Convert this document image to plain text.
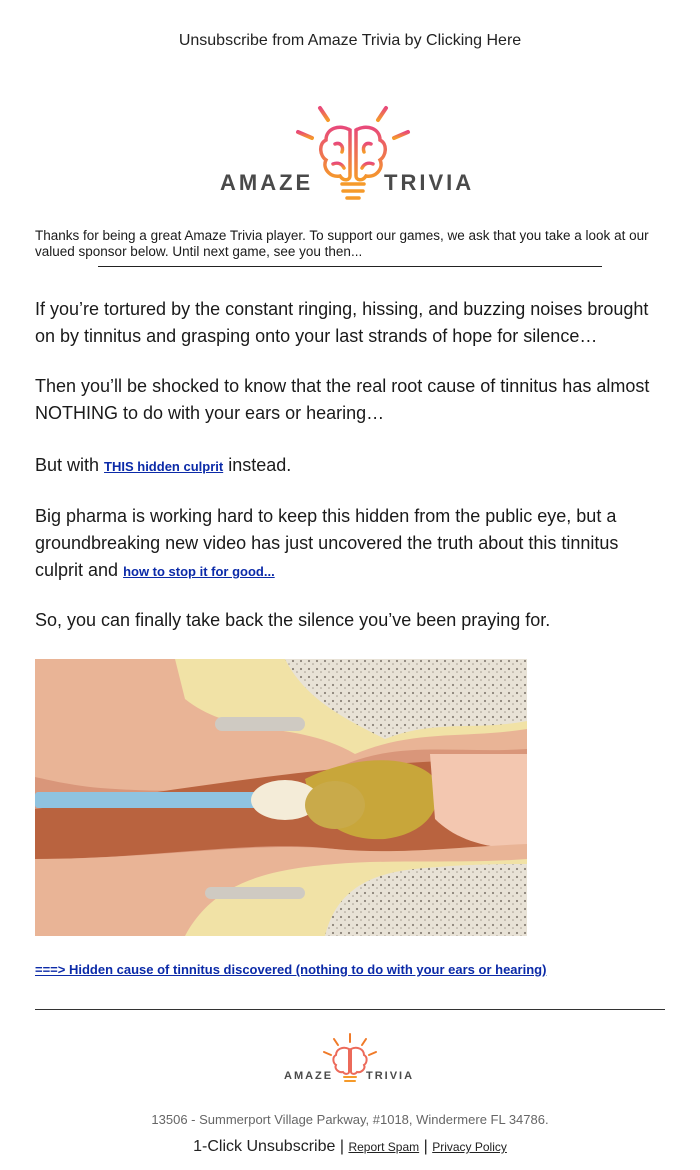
Unsubscribe from Amaze Trivia by Clicking Here
AMAZE	TRIVIA
Thanks for being a great Amaze Trivia player. To support our games, we ask that you take a look at our valued sponsor below. Until next game, see you then...
If you’re tortured by the constant ringing, hissing, and buzzing noises brought on by tinnitus and grasping onto your last strands of hope for silence…
Then you’ll be shocked to know that the real root cause of tinnitus has almost NOTHING to do with your ears or hearing…
But with THIS hidden culprit instead.
Big pharma is working hard to keep this hidden from the public eye, but a groundbreaking new video has just uncovered the truth about this tinnitus culprit and how to stop it for good...
So, you can finally take back the silence you’ve been praying for.
===> Hidden cause of tinnitus discovered (nothing to do with your ears or hearing)
AMAZE	TRIVIA
13506 - Summerport Village Parkway, #1018, Windermere FL 34786.
1-Click Unsubscribe | Report Spam | Privacy Policy
